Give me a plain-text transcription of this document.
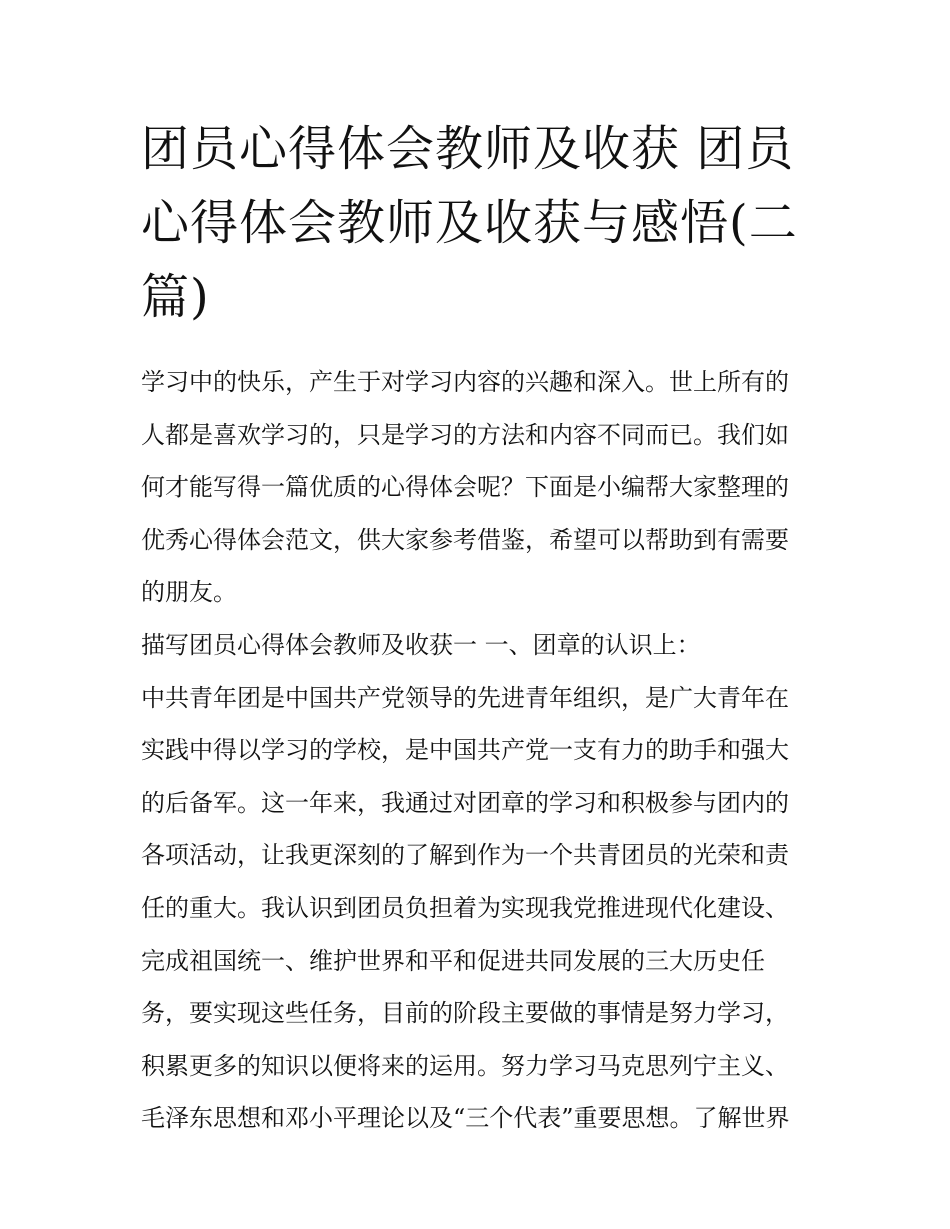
团员心得体会教师及收获 团员
心得体会教师及收获与感悟(二
篇)
学习中的快乐，产生于对学习内容的兴趣和深入。世上所有的
人都是喜欢学习的，只是学习的方法和内容不同而已。我们如
何才能写得一篇优质的心得体会呢？下面是小编帮大家整理的
优秀心得体会范文，供大家参考借鉴，希望可以帮助到有需要
的朋友。
描写团员心得体会教师及收获一 一、团章的认识上：
中共青年团是中国共产党领导的先进青年组织，是广大青年在
实践中得以学习的学校，是中国共产党一支有力的助手和强大
的后备军。这一年来，我通过对团章的学习和积极参与团内的
各项活动，让我更深刻的了解到作为一个共青团员的光荣和责
任的重大。我认识到团员负担着为实现我党推进现代化建设、
完成祖国统一、维护世界和平和促进共同发展的三大历史任
务，要实现这些任务，目前的阶段主要做的事情是努力学习，
积累更多的知识以便将来的运用。努力学习马克思列宁主义、
毛泽东思想和邓小平理论以及“三个代表”重要思想。了解世界
